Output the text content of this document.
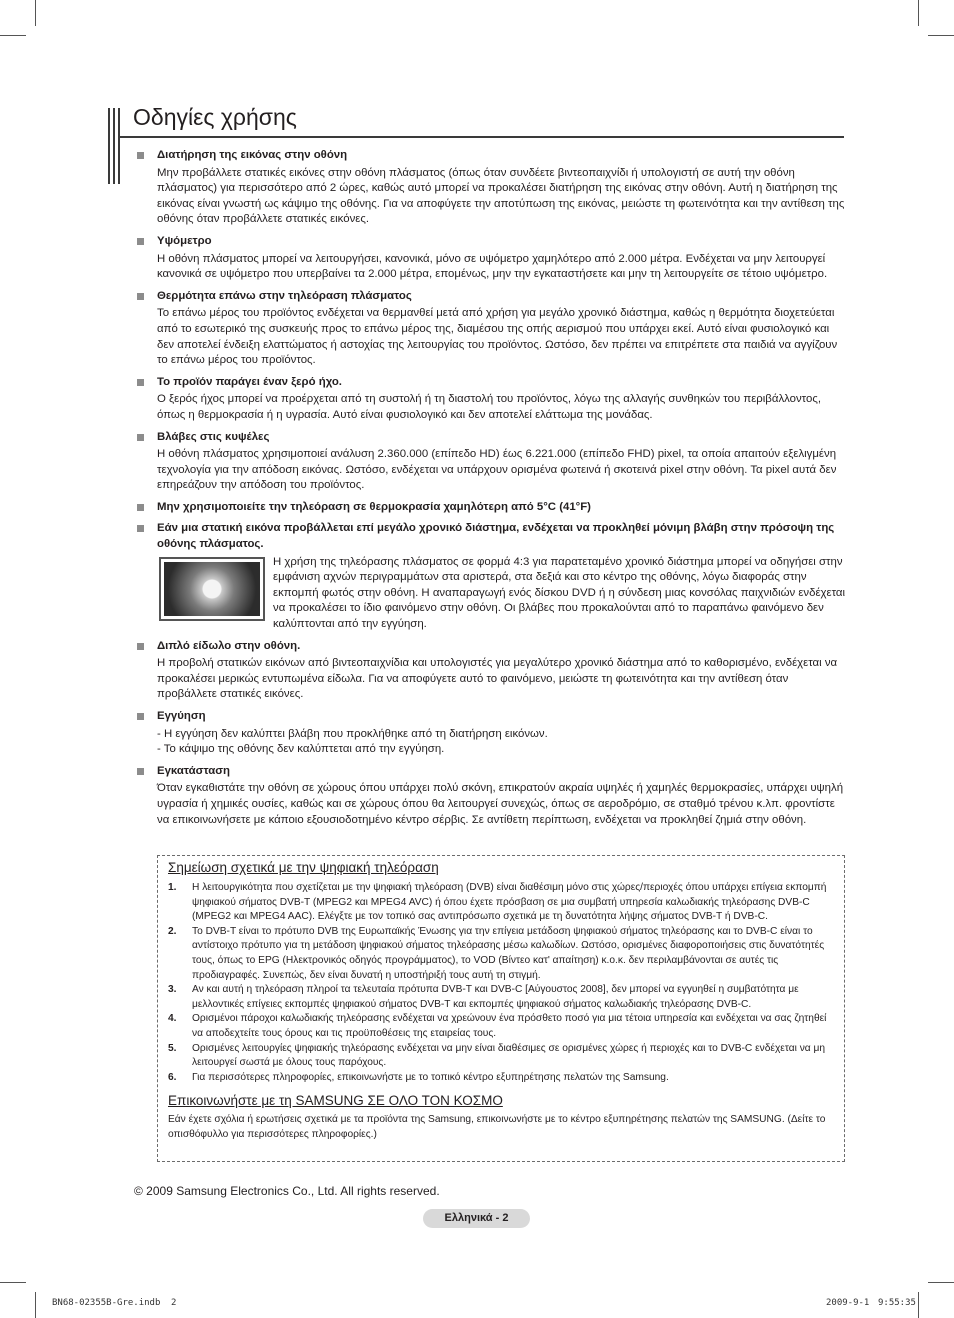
Οδηγίες χρήσης
Διατήρηση της εικόνας στην οθόνη

Μην προβάλλετε στατικές εικόνες στην οθόνη πλάσματος (όπως όταν συνδέετε βιντεοπαιχνίδι ή υπολογιστή σε αυτή την οθόνη πλάσματος) για περισσότερο από 2 ώρες, καθώς αυτό μπορεί να προκαλέσει διατήρηση της εικόνας στην οθόνη. Αυτή η διατήρηση της εικόνας είναι γνωστή ως κάψιμο της οθόνης. Για να αποφύγετε την αποτύπωση της εικόνας, μειώστε τη φωτεινότητα και την αντίθεση της οθόνης όταν προβάλλετε στατικές εικόνες.

Υψόμετρο

Η οθόνη πλάσματος μπορεί να λειτουργήσει, κανονικά, μόνο σε υψόμετρο χαμηλότερο από 2.000 μέτρα. Ενδέχεται να μην λειτουργεί κανονικά σε υψόμετρο που υπερβαίνει τα 2.000 μέτρα, επομένως, μην την εγκαταστήσετε και μην τη λειτουργείτε σε τέτοιο υψόμετρο.

Θερμότητα επάνω στην τηλεόραση πλάσματος

Το επάνω μέρος του προϊόντος ενδέχεται να θερμανθεί μετά από χρήση για μεγάλο χρονικό διάστημα, καθώς η θερμότητα διοχετεύεται από το εσωτερικό της συσκευής προς το επάνω μέρος της, διαμέσου της οπής αερισμού που υπάρχει εκεί. Αυτό είναι φυσιολογικό και δεν αποτελεί ένδειξη ελαττώματος ή αστοχίας της λειτουργίας του προϊόντος. Ωστόσο, δεν πρέπει να επιτρέπετε στα παιδιά να αγγίζουν το επάνω μέρος του προϊόντος.

Το προϊόν παράγει έναν ξερό ήχο.

Ο ξερός ήχος μπορεί να προέρχεται από τη συστολή ή τη διαστολή του προϊόντος, λόγω της αλλαγής συνθηκών του περιβάλλοντος, όπως η θερμοκρασία ή η υγρασία. Αυτό είναι φυσιολογικό και δεν αποτελεί ελάττωμα της μονάδας.

Βλάβες στις κυψέλες

Η οθόνη πλάσματος χρησιμοποιεί ανάλυση 2.360.000 (επίπεδο HD) έως 6.221.000 (επίπεδο FHD) pixel, τα οποία απαιτούν εξελιγμένη τεχνολογία για την απόδοση εικόνας. Ωστόσο, ενδέχεται να υπάρχουν ορισμένα φωτεινά ή σκοτεινά pixel στην οθόνη. Τα pixel αυτά δεν επηρεάζουν την απόδοση του προϊόντος.

Μην χρησιμοποιείτε την τηλεόραση σε θερμοκρασία χαμηλότερη από 5°C (41°F)
Εάν μια στατική εικόνα προβάλλεται επί μεγάλο χρονικό διάστημα, ενδέχεται να προκληθεί μόνιμη βλάβη στην πρόσοψη της οθόνης πλάσματος.
Η χρήση της τηλεόρασης πλάσματος σε φορμά 4:3 για παρατεταμένο χρονικό διάστημα μπορεί να οδηγήσει στην εμφάνιση αχνών περιγραμμάτων στα αριστερά, στα δεξιά και στο κέντρο της οθόνης, λόγω διαφοράς στην εκπομπή φωτός στην οθόνη. Η αναπαραγωγή ενός δίσκου DVD ή η σύνδεση μιας κονσόλας παιχνιδιών ενδέχεται να προκαλέσει το ίδιο φαινόμενο στην οθόνη. Οι βλάβες που προκαλούνται από το παραπάνω φαινόμενο δεν καλύπτονται από την εγγύηση.
Διπλό είδωλο στην οθόνη.

Η προβολή στατικών εικόνων από βιντεοπαιχνίδια και υπολογιστές για μεγαλύτερο χρονικό διάστημα από το καθορισμένο, ενδέχεται να προκαλέσει μερικώς εντυπωμένα είδωλα. Για να αποφύγετε αυτό το φαινόμενο, μειώστε τη φωτεινότητα και την αντίθεση όταν προβάλλετε στατικές εικόνες.

Εγγύηση

- Η εγγύηση δεν καλύπτει βλάβη που προκλήθηκε από τη διατήρηση εικόνων.

- Το κάψιμο της οθόνης δεν καλύπτεται από την εγγύηση.

Εγκατάσταση

Όταν εγκαθιστάτε την οθόνη σε χώρους όπου υπάρχει πολύ σκόνη, επικρατούν ακραία υψηλές ή χαμηλές θερμοκρασίες, υπάρχει υψηλή υγρασία ή χημικές ουσίες, καθώς και σε χώρους όπου θα λειτουργεί συνεχώς, όπως σε αεροδρόμιο, σε σταθμό τρένου κ.λπ. φροντίστε να επικοινωνήσετε με κάποιο εξουσιοδοτημένο κέντρο σέρβις. Σε αντίθετη περίπτωση, ενδέχεται να προκληθεί ζημιά στην οθόνη.

Σημείωση σχετικά με την ψηφιακή τηλεόραση
1. Η λειτουργικότητα που σχετίζεται με την ψηφιακή τηλεόραση (DVB) είναι διαθέσιμη μόνο στις χώρες/περιοχές όπου υπάρχει επίγεια εκπομπή ψηφιακού σήματος DVB-T (MPEG2 και MPEG4 AVC) ή όπου έχετε πρόσβαση σε μια συμβατή υπηρεσία καλωδιακής τηλεόρασης DVB-C (MPEG2 και MPEG4 AAC). Ελέγξτε με τον τοπικό σας αντιπρόσωπο σχετικά με τη δυνατότητα λήψης σήματος DVB-T ή DVB-C.
2. Το DVB-T είναι το πρότυπο DVB της Ευρωπαϊκής Ένωσης για την επίγεια μετάδοση ψηφιακού σήματος τηλεόρασης και το DVB-C είναι το αντίστοιχο πρότυπο για τη μετάδοση ψηφιακού σήματος τηλεόρασης μέσω καλωδίων. Ωστόσο, ορισμένες διαφοροποιήσεις στις δυνατότητές τους, όπως το EPG (Ηλεκτρονικός οδηγός προγράμματος), το VOD (Βίντεο κατ' απαίτηση) κ.ο.κ. δεν περιλαμβάνονται σε αυτές τις προδιαγραφές. Συνεπώς, δεν είναι δυνατή η υποστήριξή τους αυτή τη στιγμή.
3. Αν και αυτή η τηλεόραση πληροί τα τελευταία πρότυπα DVB-T και DVB-C [Αύγουστος 2008], δεν μπορεί να εγγυηθεί η συμβατότητα με μελλοντικές επίγειες εκπομπές ψηφιακού σήματος DVB-T και εκπομπές ψηφιακού σήματος καλωδιακής τηλεόρασης DVB-C.
4. Ορισμένοι πάροχοι καλωδιακής τηλεόρασης ενδέχεται να χρεώνουν ένα πρόσθετο ποσό για μια τέτοια υπηρεσία και ενδέχεται να σας ζητηθεί να αποδεχτείτε τους όρους και τις προϋποθέσεις της εταιρείας τους.
5. Ορισμένες λειτουργίες ψηφιακής τηλεόρασης ενδέχεται να μην είναι διαθέσιμες σε ορισμένες χώρες ή περιοχές και το DVB-C ενδέχεται να μη λειτουργεί σωστά με όλους τους παρόχους.
6. Για περισσότερες πληροφορίες, επικοινωνήστε με το τοπικό κέντρο εξυπηρέτησης πελατών της Samsung.
Επικοινωνήστε με τη SAMSUNG ΣΕ ΟΛΟ ΤΟΝ ΚΟΣΜΟ

Εάν έχετε σχόλια ή ερωτήσεις σχετικά με τα προϊόντα της Samsung, επικοινωνήστε με το κέντρο εξυπηρέτησης πελατών της SAMSUNG. (Δείτε το οπισθόφυλλο για περισσότερες πληροφορίες.)

© 2009 Samsung Electronics Co., Ltd. All rights reserved.
Ελληνικά - 2
BN68-02355B-Gre.indb 2	2009-9-1 9:55:35
